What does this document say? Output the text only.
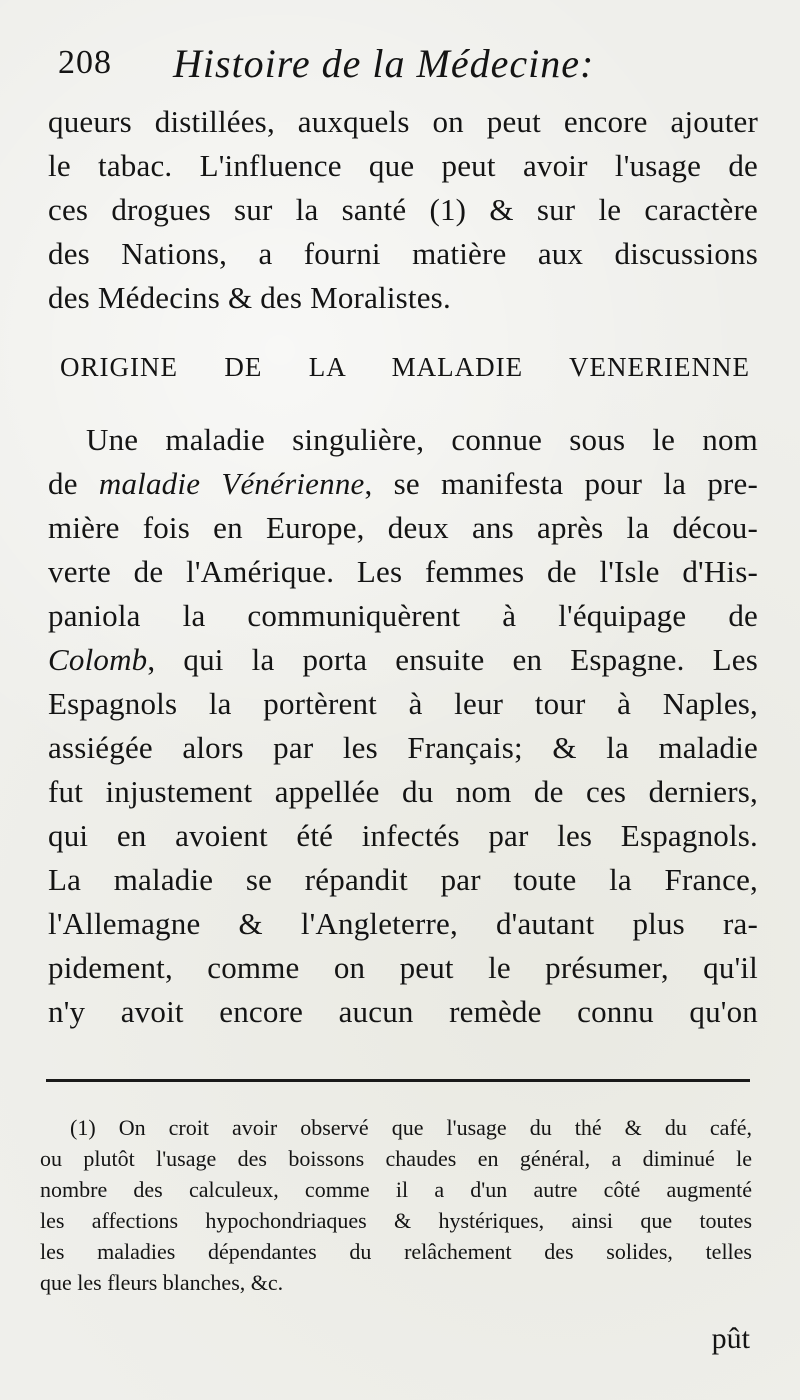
208 Histoire de la Médecine:
queurs distillées, auxquels on peut encore ajouter
le tabac. L'influence que peut avoir l'usage de
ces drogues sur la santé (1) & sur le caractère
des Nations, a fourni matière aux discussions
des Médecins & des Moralistes.
ORIGINE DE LA MALADIE VENERIENNE
Une maladie singulière, connue sous le nom
de maladie Vénérienne, se manifesta pour la pre-
mière fois en Europe, deux ans après la décou-
verte de l'Amérique. Les femmes de l'Isle d'His-
paniola la communiquèrent à l'équipage de
Colomb, qui la porta ensuite en Espagne. Les
Espagnols la portèrent à leur tour à Naples,
assiégée alors par les Français; & la maladie
fut injustement appellée du nom de ces derniers,
qui en avoient été infectés par les Espagnols.
La maladie se répandit par toute la France,
l'Allemagne & l'Angleterre, d'autant plus ra-
pidement, comme on peut le présumer, qu'il
n'y avoit encore aucun remède connu qu'on
(1) On croit avoir observé que l'usage du thé & du café,
ou plutôt l'usage des boissons chaudes en général, a diminué le
nombre des calculeux, comme il a d'un autre côté augmenté
les affections hypochondriaques & hystériques, ainsi que toutes
les maladies dépendantes du relâchement des solides, telles
que les fleurs blanches, &c.
pût
